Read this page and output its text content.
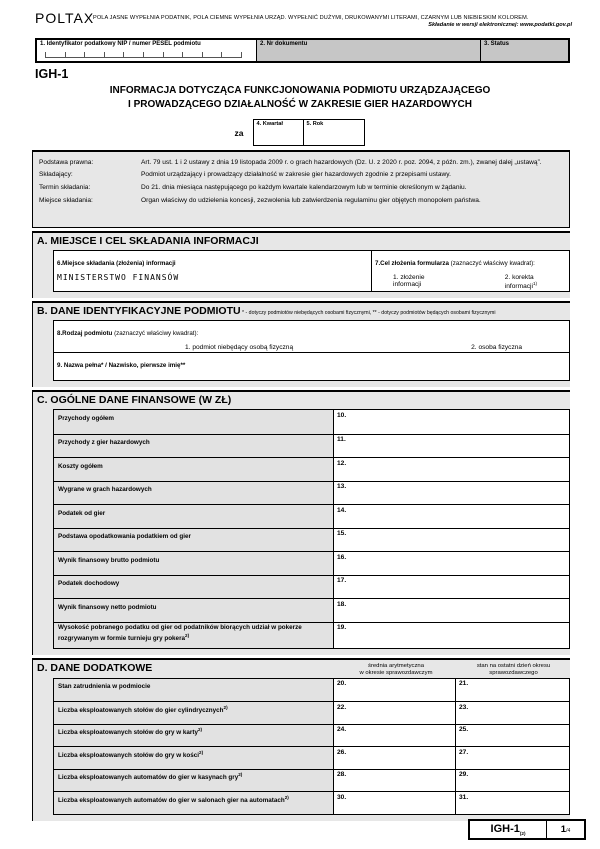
POLTAX
POLA JASNE WYPEŁNIA PODATNIK, POLA CIEMNE WYPEŁNIA URZĄD. WYPEŁNIĆ DUŻYMI, DRUKOWANYMI LITERAMI, CZARNYM LUB NIEBIESKIM KOLOREM.
Składanie w wersji elektronicznej: www.podatki.gov.pl
1. Identyfikator podatkowy NIP / numer PESEL podmiotu	2. Nr dokumentu	3. Status
IGH-1
INFORMACJA DOTYCZĄCA FUNKCJONOWANIA PODMIOTU URZĄDZAJĄCEGO
I PROWADZĄCEGO DZIAŁALNOŚĆ W ZAKRESIE GIER HAZARDOWYCH
za
4. Kwartał	5. Rok
Podstawa prawna:	Art. 79 ust. 1 i 2 ustawy z dnia 19 listopada 2009 r. o grach hazardowych (Dz. U. z 2020 r. poz. 2094, z późn. zm.), zwanej dalej „ustawą”.
Składający:	Podmiot urządzający i prowadzący działalność w zakresie gier hazardowych zgodnie z przepisami ustawy.
Termin składania:	Do 21. dnia miesiąca następującego po każdym kwartale kalendarzowym lub w terminie określonym w żądaniu.
Miejsce składania:	Organ właściwy do udzielenia koncesji, zezwolenia lub zatwierdzenia regulaminu gier objętych monopolem państwa.
A. MIEJSCE I CEL SKŁADANIA INFORMACJI
6.Miejsce składania (złożenia) informacji
MINISTERSTWO FINANSÓW
7.Cel złożenia formularza (zaznaczyć właściwy kwadrat):
1. złożenie informacji
2. korekta informacji$^{1)}$
B. DANE IDENTYFIKACYJNE PODMIOTU * - dotyczy podmiotów niebędących osobami fizycznymi, ** - dotyczy podmiotów będących osobami fizycznymi
8.Rodzaj podmiotu (zaznaczyć właściwy kwadrat):
1. podmiot niebędący osobą fizyczną	2. osoba fizyczna
9. Nazwa pełna* / Nazwisko, pierwsze imię**
C. OGÓLNE DANE FINANSOWE (W ZŁ)
Przychody ogółem	10.
Przychody z gier hazardowych	11.
Koszty ogółem	12.
Wygrane w grach hazardowych	13.
Podatek od gier	14.
Podstawa opodatkowania podatkiem od gier	15.
Wynik finansowy brutto podmiotu	16.
Podatek dochodowy	17.
Wynik finansowy netto podmiotu	18.
Wysokość pobranego podatku od gier od podatników biorących udział w pokerze rozgrywanym w formie turnieju gry pokera$^{2)}$
19.
D. DANE DODATKOWE	średnia arytmetyczna
w okresie sprawozdawczym
stan na ostatni dzień okresu
sprawozdawczego
Stan zatrudnienia w podmiocie	20.	21.
Liczba eksploatowanych stołów do gier cylindrycznych$^{2)}$	22.	23.
Liczba eksploatowanych stołów do gry w karty$^{2)}$	24.	25.
Liczba eksploatowanych stołów do gry w kości$^{2)}$	26.	27.
Liczba eksploatowanych automatów do gier w kasynach gry$^{2)}$	28.	29.
Liczba eksploatowanych automatów do gier w salonach gier na automatach$^{2)}$	30.	31.
IGH-$1_{(2)}$	1/4
